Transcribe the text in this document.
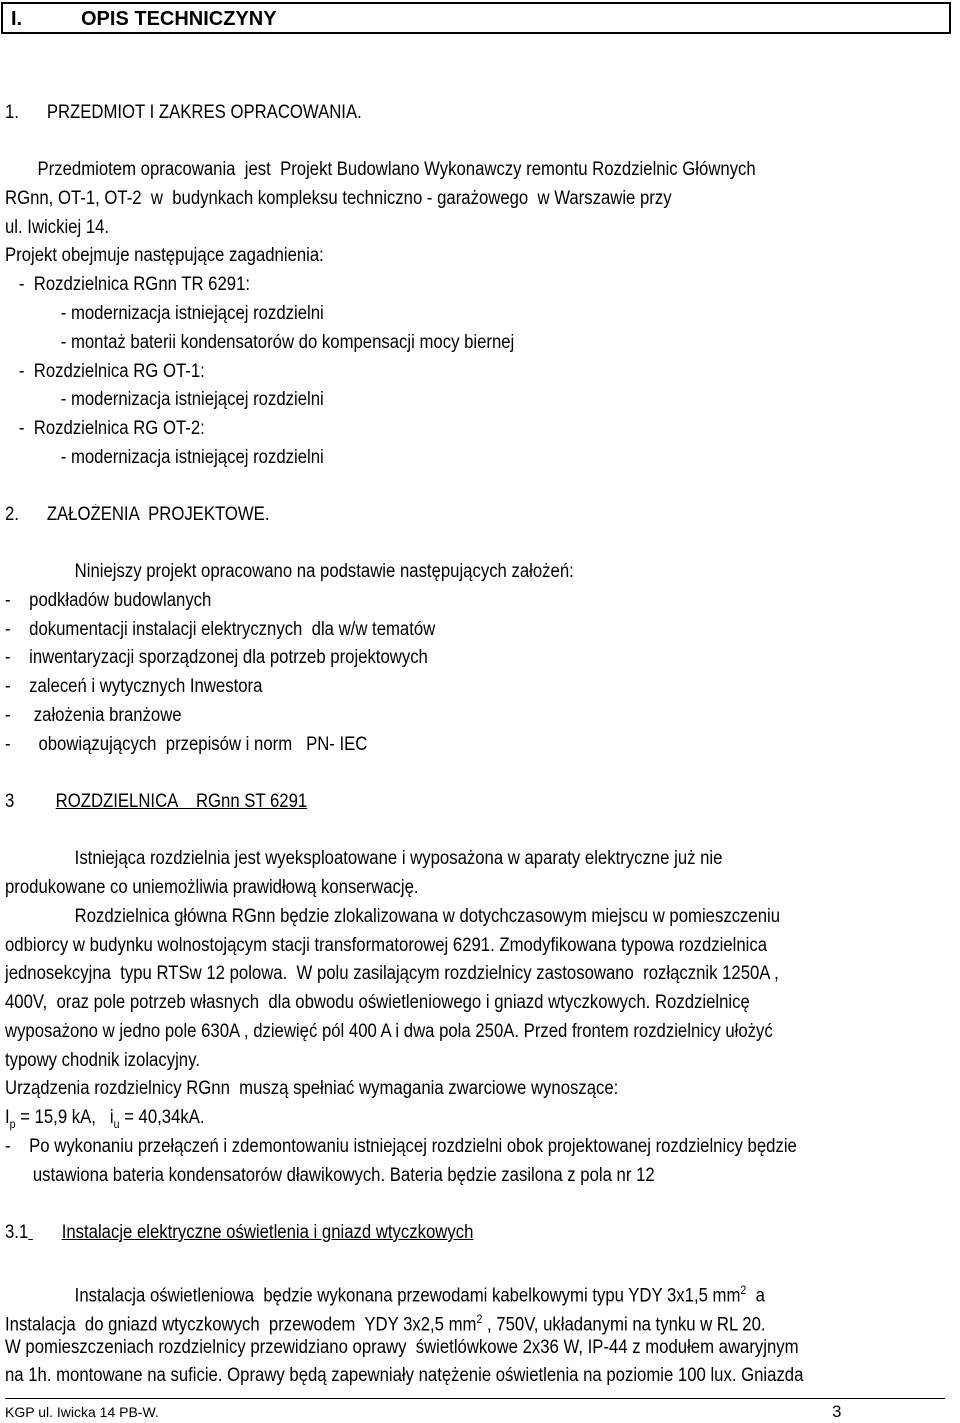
I.	OPIS TECHNICZYNY
1.      PRZEDMIOT I ZAKRES OPRACOWANIA.
Przedmiotem opracowania  jest  Projekt Budowlano Wykonawczy remontu Rozdzielnic Głównych
RGnn, OT-1, OT-2  w  budynkach kompleksu techniczno - garażowego  w Warszawie przy
ul. Iwickiej 14.
Projekt obejmuje następujące zagadnienia:
-  Rozdzielnica RGnn TR 6291:
- modernizacja istniejącej rozdzielni
- montaż baterii kondensatorów do kompensacji mocy biernej
-  Rozdzielnica RG OT-1:
- modernizacja istniejącej rozdzielni
-  Rozdzielnica RG OT-2:
- modernizacja istniejącej rozdzielni
2.      ZAŁOŻENIA  PROJEKTOWE.
Niniejszy projekt opracowano na podstawie następujących założeń:
-    podkładów budowlanych
-    dokumentacji instalacji elektrycznych  dla w/w tematów
-    inwentaryzacji sporządzonej dla potrzeb projektowych
-    zaleceń i wytycznych Inwestora
-     założenia branżowe
-      obowiązujących  przepisów i norm   PN- IEC
3 ROZDZIELNICA    RGnn ST 6291
Istniejąca rozdzielnia jest wyeksploatowane i wyposażona w aparaty elektryczne już nie
produkowane co uniemożliwia prawidłową konserwację.
Rozdzielnica główna RGnn będzie zlokalizowana w dotychczasowym miejscu w pomieszczeniu
odbiorcy w budynku wolnostojącym stacji transformatorowej 6291. Zmodyfikowana typowa rozdzielnica
jednosekcyjna  typu RTSw 12 polowa.  W polu zasilającym rozdzielnicy zastosowano  rozłącznik 1250A ,
400V,  oraz pole potrzeb własnych  dla obwodu oświetleniowego i gniazd wtyczkowych. Rozdzielnicę
wyposażono w jedno pole 630A , dziewięć pól 400 A i dwa pola 250A. Przed frontem rozdzielnicy ułożyć
typowy chodnik izolacyjny.
Urządzenia rozdzielnicy RGnn  muszą spełniać wymagania zwarciowe wynoszące:
$I_p = 15,9$ kA,   $i_u = 40,34kA$.
-    Po wykonaniu przełączeń i zdemontowaniu istniejącej rozdzielni obok projektowanej rozdzielnicy będzie
ustawiona bateria kondensatorów dławikowych. Bateria będzie zasilona z pola nr 12
3.1 Instalacje elektryczne oświetlenia i gniazd wtyczkowych
Instalacja oświetleniowa  będzie wykonana przewodami kabelkowymi typu YDY 3x1,5 $mm^2$  a
Instalacja  do gniazd wtyczkowych  przewodem  YDY 3x2,5 $mm^2$ , 750V, układanymi na tynku w RL 20.
W pomieszczeniach rozdzielnicy przewidziano oprawy  świetlówkowe 2x36 W, IP-44 z modułem awaryjnym
na 1h. montowane na suficie. Oprawy będą zapewniały natężenie oświetlenia na poziomie 100 lux. Gniazda
KGP ul. Iwicka 14 PB-W.	3
